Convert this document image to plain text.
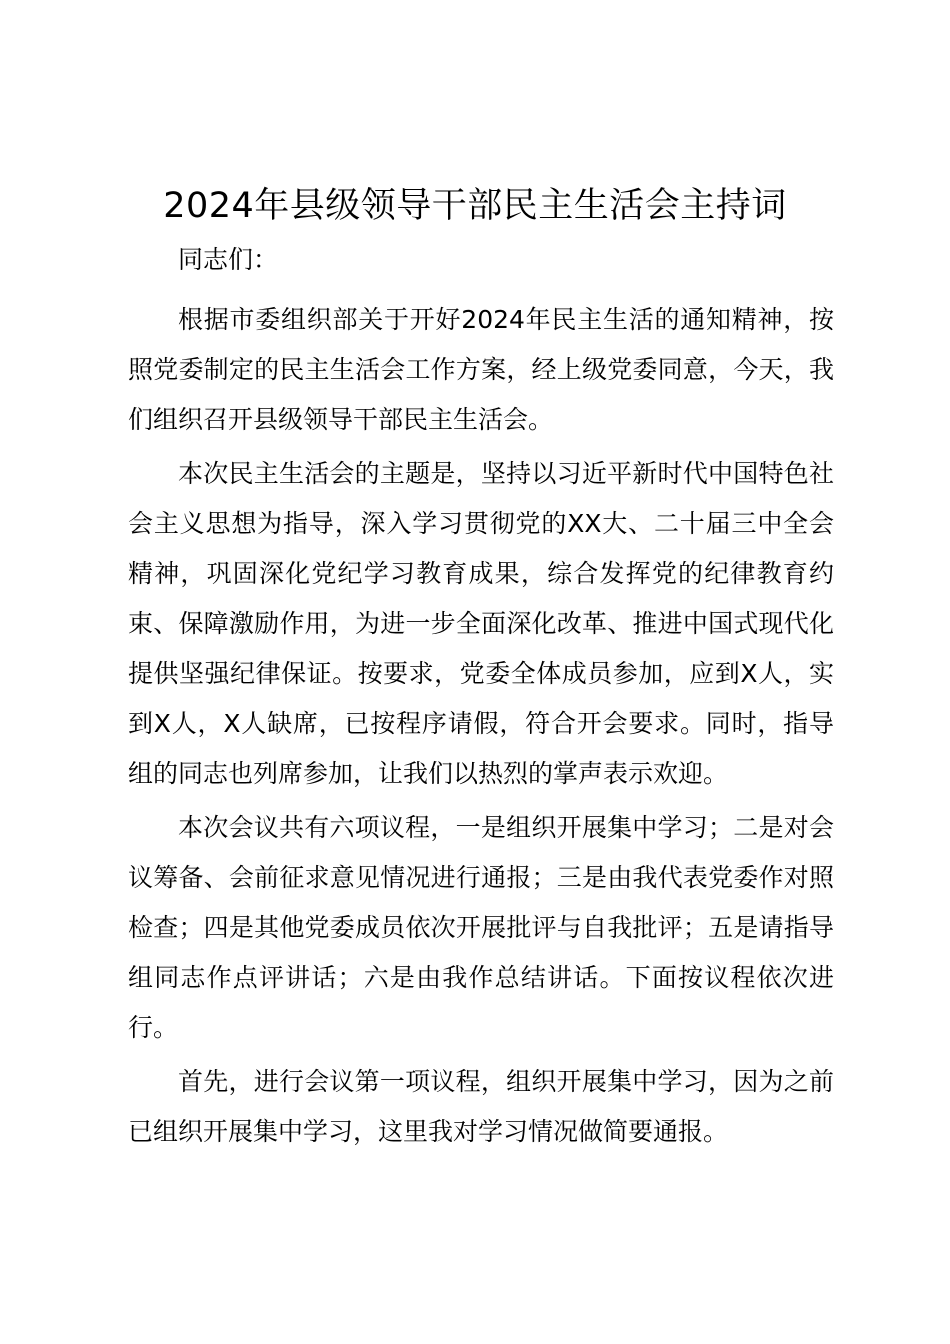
2024年县级领导干部民主生活会主持词

同志们：

根据市委组织部关于开好2024年民主生活的通知精神，按照党委制定的民主生活会工作方案，经上级党委同意，今天，我们组织召开县级领导干部民主生活会。

本次民主生活会的主题是，坚持以习近平新时代中国特色社会主义思想为指导，深入学习贯彻党的XX大、二十届三中全会精神，巩固深化党纪学习教育成果，综合发挥党的纪律教育约束、保障激励作用，为进一步全面深化改革、推进中国式现代化提供坚强纪律保证。按要求，党委全体成员参加，应到X人，实到X人，X人缺席，已按程序请假，符合开会要求。同时，指导组的同志也列席参加，让我们以热烈的掌声表示欢迎。

本次会议共有六项议程，一是组织开展集中学习；二是对会议筹备、会前征求意见情况进行通报；三是由我代表党委作对照检查；四是其他党委成员依次开展批评与自我批评；五是请指导组同志作点评讲话；六是由我作总结讲话。下面按议程依次进行。

首先，进行会议第一项议程，组织开展集中学习，因为之前已组织开展集中学习，这里我对学习情况做简要通报。
